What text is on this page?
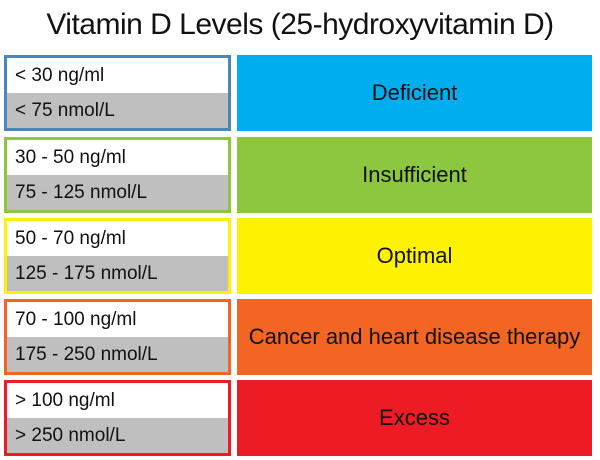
Vitamin D Levels (25-hydroxyvitamin D)
< 30 ng/ml
< 75 nmol/L
Deficient
30 - 50 ng/ml
75 - 125 nmol/L
Insufficient
50 - 70 ng/ml
125 - 175 nmol/L
Optimal
70 - 100 ng/ml
175 - 250 nmol/L
Cancer and heart disease therapy
> 100 ng/ml
> 250 nmol/L
Excess
